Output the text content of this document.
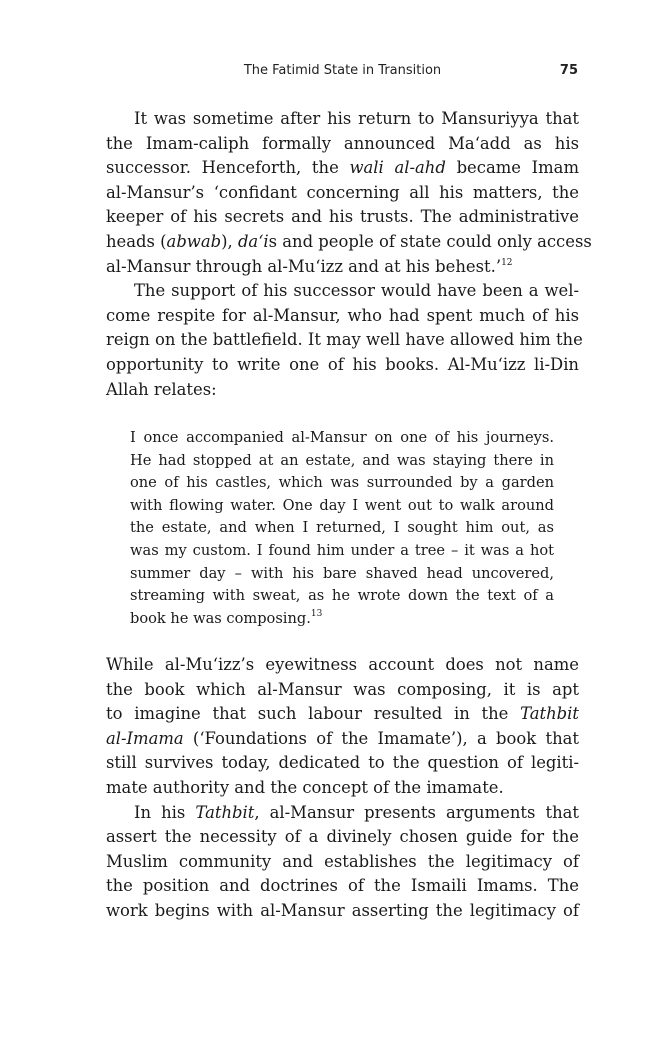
The Fatimid State in Transition	75
It was sometime after his return to Mansuriyya that
the Imam-caliph formally announced Ma‘add as his
successor. Henceforth, the wali al-ahd became Imam
al-Mansur’s ‘confidant concerning all his matters, the
keeper of his secrets and his trusts. The administrative
heads (abwab), da‘is and people of state could only access
al-Mansur through al-Mu‘izz and at his behest.’$^{12}$
The support of his successor would have been a wel-
come respite for al-Mansur, who had spent much of his
reign on the battlefield. It may well have allowed him the
opportunity to write one of his books. Al-Mu‘izz li-Din
Allah relates:
I once accompanied al-Mansur on one of his journeys.
He had stopped at an estate, and was staying there in
one of his castles, which was surrounded by a garden
with flowing water. One day I went out to walk around
the estate, and when I returned, I sought him out, as
was my custom. I found him under a tree – it was a hot
summer day – with his bare shaved head uncovered,
streaming with sweat, as he wrote down the text of a
book he was composing.$^{13}$
While al-Mu‘izz’s eyewitness account does not name
the book which al-Mansur was composing, it is apt
to imagine that such labour resulted in the Tathbit
al-Imama (‘Foundations of the Imamate’), a book that
still survives today, dedicated to the question of legiti-
mate authority and the concept of the imamate.
In his Tathbit, al-Mansur presents arguments that
assert the necessity of a divinely chosen guide for the
Muslim community and establishes the legitimacy of
the position and doctrines of the Ismaili Imams. The
work begins with al-Mansur asserting the legitimacy of
